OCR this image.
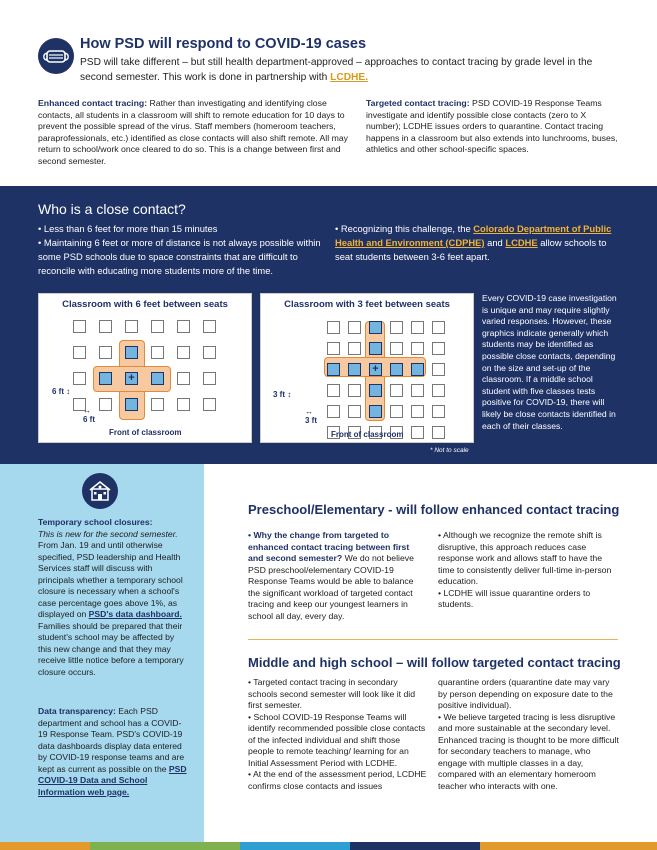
How PSD will respond to COVID-19 cases
PSD will take different – but still health department-approved – approaches to contact tracing by grade level in the second semester. This work is done in partnership with LCDHE.
Enhanced contact tracing: Rather than investigating and identifying close contacts, all students in a classroom will shift to remote education for 10 days to prevent the possible spread of the virus. Staff members (homeroom teachers, paraprofessionals, etc.) identified as close contacts will also shift remote. All may return to school/work once cleared to do so. This is a change between first and second semester.
Targeted contact tracing: PSD COVID-19 Response Teams investigate and identify possible close contacts (zero to X number); LCDHE issues orders to quarantine. Contact tracing happens in a classroom but also extends into lunchrooms, buses, athletics and other school-specific spaces.
Who is a close contact?
• Less than 6 feet for more than 15 minutes
• Maintaining 6 feet or more of distance is not always possible within some PSD schools due to space constraints that are difficult to reconcile with educating more students more of the time.
• Recognizing this challenge, the Colorado Department of Public Health and Environment (CDPHE) and LCDHE allow schools to seat students between 3-6 feet apart.
Classroom with 6 feet between seats
+
6 ft ↕
↔
6 ft
Front of classroom
Classroom with 3 feet between seats
+
3 ft ↕
↔
3 ft
Front of classroom
Every COVID-19 case investigation is unique and may require slightly varied responses. However, these graphics indicate generally which students may be identified as possible close contacts, depending on the size and set-up of the classroom. If a middle school student with five classes tests positive for COVID-19, there will likely be close contacts identified in each of their classes.
* Not to scale
Temporary school closures:
This is new for the second semester. From Jan. 19 and until otherwise specified, PSD leadership and Health Services staff will discuss with principals whether a temporary school closure is necessary when a school's case percentage goes above 1%, as displayed on PSD's data dashboard. Families should be prepared that their student's school may be affected by this new change and that they may receive little notice before a temporary closure occurs.
Data transparency: Each PSD department and school has a COVID-19 Response Team. PSD's COVID-19 data dashboards display data entered by COVID-19 response teams and are kept as current as possible on the PSD COVID-19 Data and School Information web page.
Preschool/Elementary - will follow enhanced contact tracing
• Why the change from targeted to enhanced contact tracing between first and second semester? We do not believe PSD preschool/elementary COVID-19 Response Teams would be able to balance the significant workload of targeted contact tracing and keep our youngest learners in school all day, every day.
• Although we recognize the remote shift is disruptive, this approach reduces case response work and allows staff to have the time to consistently deliver full-time in-person education.
• LCDHE will issue quarantine orders to students.
Middle and high school – will follow targeted contact tracing
• Targeted contact tracing in secondary schools second semester will look like it did first semester.
• School COVID-19 Response Teams will identify recommended possible close contacts of the infected individual and shift those people to remote teaching/ learning for an Initial Assessment Period with LCDHE.
• At the end of the assessment period, LCDHE confirms close contacts and issues
quarantine orders (quarantine date may vary by person depending on exposure date to the positive individual).
• We believe targeted tracing is less disruptive and more sustainable at the secondary level. Enhanced tracing is thought to be more difficult for secondary teachers to manage, who engage with multiple classes in a day, compared with an elementary homeroom teacher who interacts with one.
